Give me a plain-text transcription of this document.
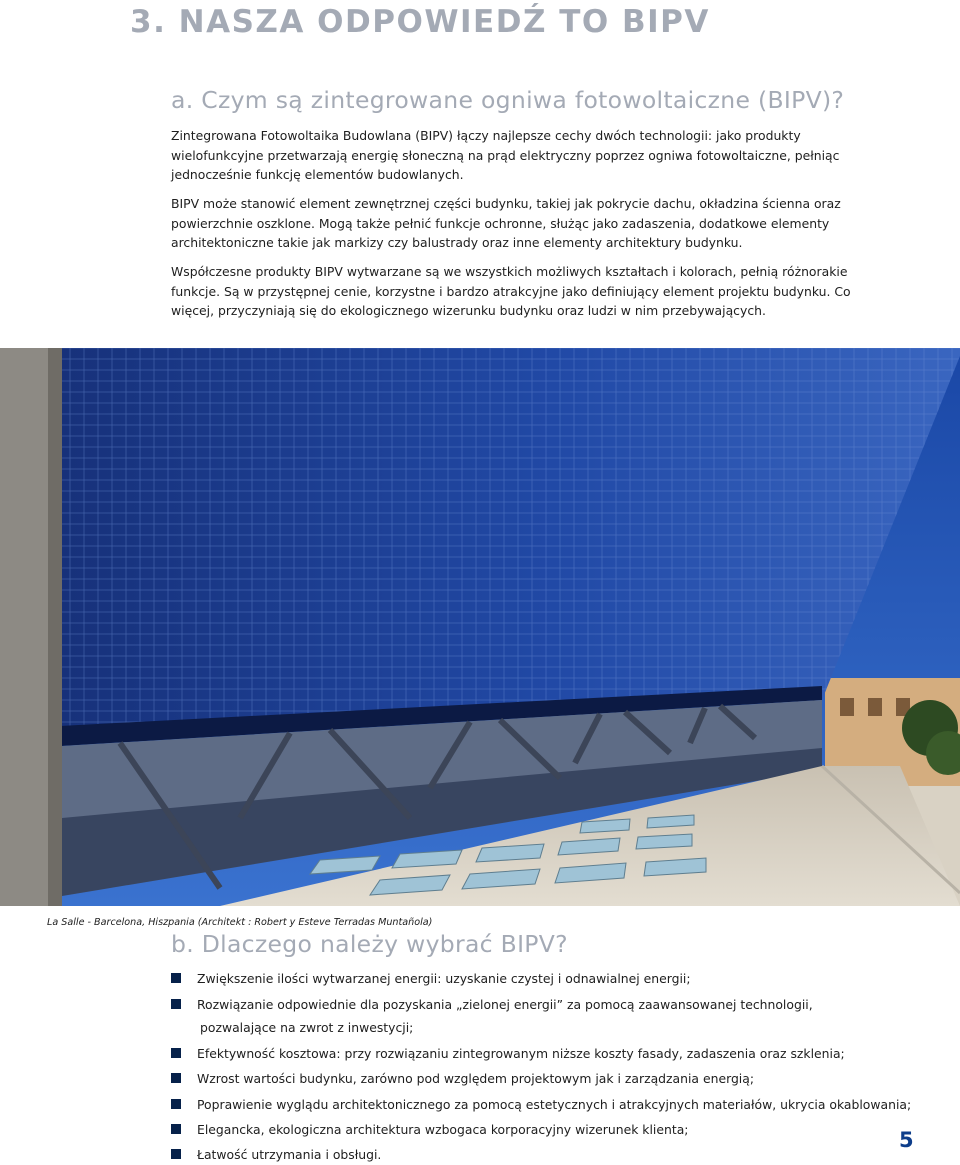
3. NASZA ODPOWIEDŹ TO BIPV
a. Czym są zintegrowane ogniwa fotowoltaiczne (BIPV)?

Zintegrowana Fotowoltaika Budowlana (BIPV) łączy najlepsze cechy dwóch technologii: jako produkty wielofunkcyjne przetwarzają energię słoneczną na prąd elektryczny poprzez ogniwa fotowoltaiczne, pełniąc jednocześnie funkcję elementów budowlanych.

BIPV może stanowić element zewnętrznej części budynku, takiej jak pokrycie dachu, okładzina ścienna oraz powierzchnie oszklone. Mogą także pełnić funkcje ochronne, służąc jako zadaszenia, dodatkowe elementy architektoniczne takie jak markizy czy balustrady oraz inne elementy architektury budynku.

Współczesne produkty BIPV wytwarzane są we wszystkich możliwych kształtach i kolorach, pełnią różnorakie funkcje. Są w przystępnej cenie, korzystne i bardzo atrakcyjne jako definiujący element projektu budynku. Co więcej, przyczyniają się do ekologicznego wizerunku budynku oraz ludzi w nim przebywających.

La Salle - Barcelona, Hiszpania (Architekt : Robert y Esteve Terradas Muntañola)

b. Dlaczego należy wybrać BIPV?
Zwiększenie ilości wytwarzanej energii: uzyskanie czystej i odnawialnej energii;
Rozwiązanie odpowiednie dla pozyskania „zielonej energii” za pomocą zaawansowanej technologii,
Efektywność kosztowa: przy rozwiązaniu zintegrowanym niższe koszty fasady, zadaszenia oraz szklenia;
Wzrost wartości budynku, zarówno pod względem projektowym jak i zarządzania energią;
Poprawienie wyglądu architektonicznego za pomocą estetycznych i atrakcyjnych materiałów, ukrycia okablowania;
Elegancka, ekologiczna architektura wzbogaca korporacyjny wizerunek klienta;
Łatwość utrzymania i obsługi.
pozwalające na zwrot z inwestycji;
5
